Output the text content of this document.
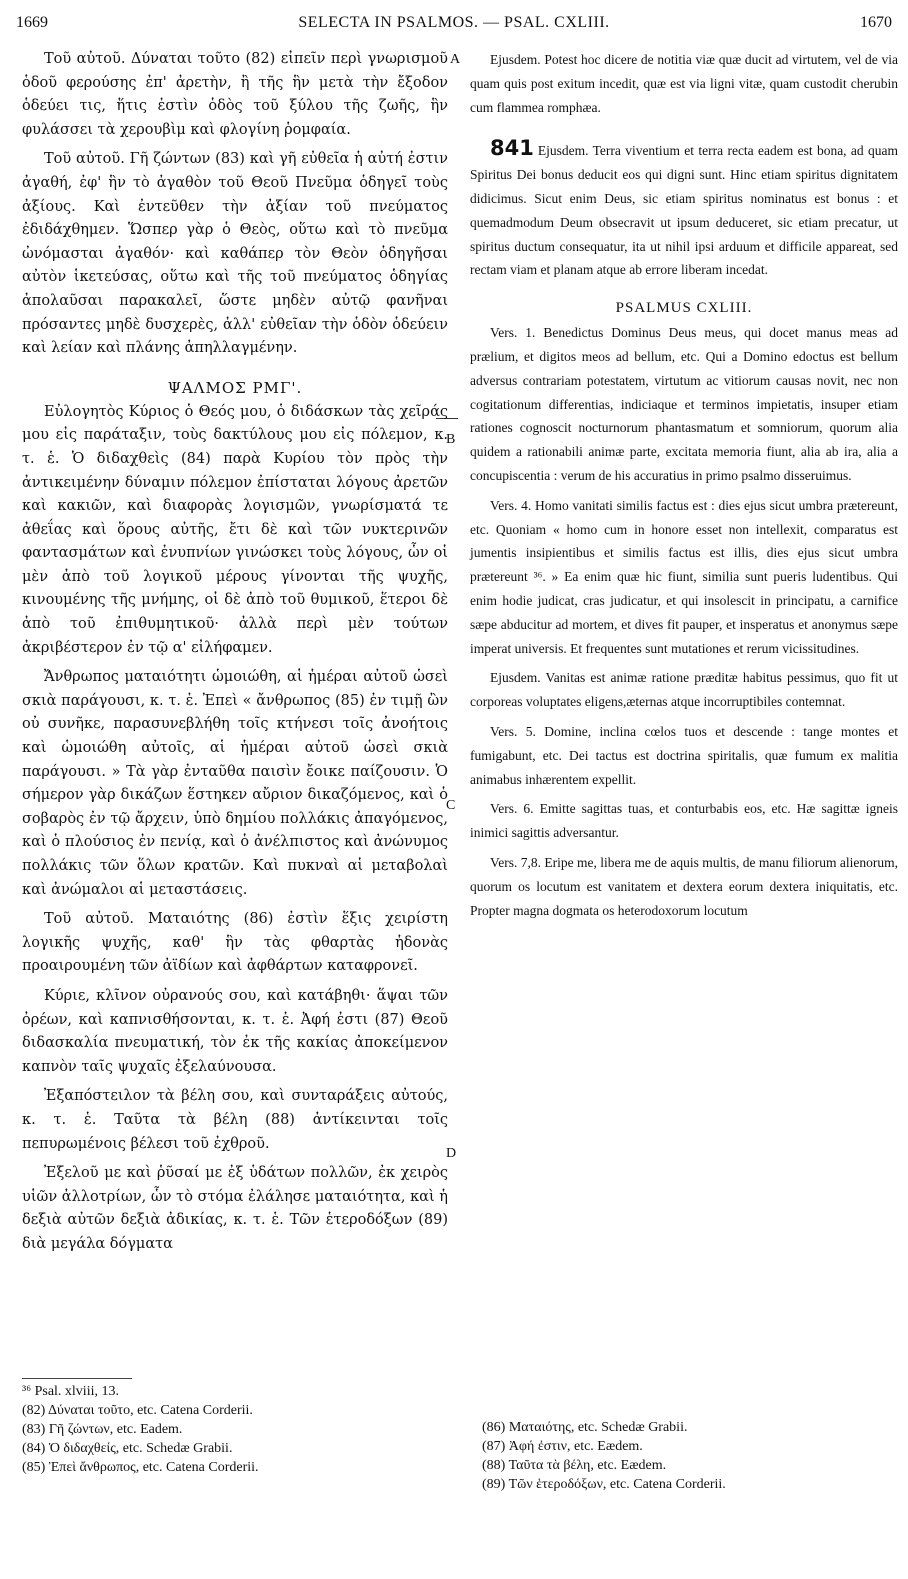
1669	SELECTA IN PSALMOS. — PSAL. CXLIII.	1670
A
B
C
D

Τοῦ αὐτοῦ. Δύναται τοῦτο (82) εἰπεῖν περὶ γνωρισμοῦ ὁδοῦ φερούσης ἐπ' ἀρετὴν, ἢ τῆς ἣν μετὰ τὴν ἔξοδον ὁδεύει τις, ἥτις ἐστὶν ὁδὸς τοῦ ξύλου τῆς ζωῆς, ἣν φυλάσσει τὰ χερουβὶμ καὶ φλογίνη ῥομφαία.

Τοῦ αὐτοῦ. Γῆ ζώντων (83) καὶ γῆ εὐθεῖα ἡ αὐτή ἐστιν ἀγαθή, ἐφ' ἣν τὸ ἀγαθὸν τοῦ Θεοῦ Πνεῦμα ὁδηγεῖ τοὺς ἀξίους. Καὶ ἐντεῦθεν τὴν ἀξίαν τοῦ πνεύματος ἐδιδάχθημεν. Ὥσπερ γὰρ ὁ Θεὸς, οὕτω καὶ τὸ πνεῦμα ὠνόμασται ἀγαθόν· καὶ καθάπερ τὸν Θεὸν ὁδηγῆσαι αὐτὸν ἱκετεύσας, οὕτω καὶ τῆς τοῦ πνεύματος ὁδηγίας ἀπολαῦσαι παρακαλεῖ, ὥστε μηδὲν αὐτῷ φανῆναι πρόσαντες μηδὲ δυσχερὲς, ἀλλ' εὐθεῖαν τὴν ὁδὸν ὁδεύειν καὶ λείαν καὶ πλάνης ἀπηλλαγμένην.

ΨΑΛΜΟΣ ΡΜΓ'.

Εὐλογητὸς Κύριος ὁ Θεός μου, ὁ διδάσκων τὰς χεῖράς μου εἰς παράταξιν, τοὺς δακτύλους μου εἰς πόλεμον, κ. τ. ἑ. Ὁ διδαχθεὶς (84) παρὰ Κυρίου τὸν πρὸς τὴν ἀντικειμένην δύναμιν πόλεμον ἐπίσταται λόγους ἀρετῶν καὶ κακιῶν, καὶ διαφορὰς λογισμῶν, γνωρίσματά τε ἀθεΐας καὶ ὅρους αὐτῆς, ἔτι δὲ καὶ τῶν νυκτερινῶν φαντασμάτων καὶ ἐνυπνίων γινώσκει τοὺς λόγους, ὧν οἱ μὲν ἀπὸ τοῦ λογικοῦ μέρους γίνονται τῆς ψυχῆς, κινουμένης τῆς μνήμης, οἱ δὲ ἀπὸ τοῦ θυμικοῦ, ἕτεροι δὲ ἀπὸ τοῦ ἐπιθυμητικοῦ· ἀλλὰ περὶ μὲν τούτων ἀκριβέστερον ἐν τῷ α' εἰλήφαμεν.

Ἄνθρωπος ματαιότητι ὡμοιώθη, αἱ ἡμέραι αὐτοῦ ὡσεὶ σκιὰ παράγουσι, κ. τ. ἑ. Ἐπεὶ « ἄνθρωπος (85) ἐν τιμῇ ὢν οὐ συνῆκε, παρασυνεβλήθη τοῖς κτήνεσι τοῖς ἀνοήτοις καὶ ὡμοιώθη αὐτοῖς, αἱ ἡμέραι αὐτοῦ ὡσεὶ σκιὰ παράγουσι. » Τὰ γὰρ ἐνταῦθα παισὶν ἔοικε παίζουσιν. Ὁ σήμερον γὰρ δικάζων ἕστηκεν αὔριον δικαζόμενος, καὶ ὁ σοβαρὸς ἐν τῷ ἄρχειν, ὑπὸ δημίου πολλάκις ἀπαγόμενος, καὶ ὁ πλούσιος ἐν πενίᾳ, καὶ ὁ ἀνέλπιστος καὶ ἀνώνυμος πολλάκις τῶν ὅλων κρατῶν. Καὶ πυκναὶ αἱ μεταβολαὶ καὶ ἀνώμαλοι αἱ μεταστάσεις.

Τοῦ αὐτοῦ. Ματαιότης (86) ἐστὶν ἕξις χειρίστη λογικῆς ψυχῆς, καθ' ἣν τὰς φθαρτὰς ἡδονὰς προαιρουμένη τῶν ἀϊδίων καὶ ἀφθάρτων καταφρονεῖ.

Κύριε, κλῖνον οὐρανούς σου, καὶ κατάβηθι· ἅψαι τῶν ὀρέων, καὶ καπνισθήσονται, κ. τ. ἑ. Ἀφή ἐστι (87) Θεοῦ διδασκαλία πνευματική, τὸν ἐκ τῆς κακίας ἀποκείμενον καπνὸν ταῖς ψυχαῖς ἐξελαύνουσα.

Ἐξαπόστειλον τὰ βέλη σου, καὶ συνταράξεις αὐτούς, κ. τ. ἑ. Ταῦτα τὰ βέλη (88) ἀντίκεινται τοῖς πεπυρωμένοις βέλεσι τοῦ ἐχθροῦ.

Ἐξελοῦ με καὶ ῥῦσαί με ἐξ ὑδάτων πολλῶν, ἐκ χειρὸς υἱῶν ἀλλοτρίων, ὧν τὸ στόμα ἐλάλησε ματαιότητα, καὶ ἡ δεξιὰ αὐτῶν δεξιὰ ἀδικίας, κ. τ. ἑ. Τῶν ἑτεροδόξων (89) διὰ μεγάλα δόγματα

Ejusdem. Potest hoc dicere de notitia viæ quæ ducit ad virtutem, vel de via quam quis post exitum incedit, quæ est via ligni vitæ, quam custodit cherubin cum flammea romphæa.

841 Ejusdem. Terra viventium et terra recta eadem est bona, ad quam Spiritus Dei bonus deducit eos qui digni sunt. Hinc etiam spiritus dignitatem didicimus. Sicut enim Deus, sic etiam spiritus nominatus est bonus : et quemadmodum Deum obsecravit ut ipsum deduceret, sic etiam precatur, ut spiritus ductum consequatur, ita ut nihil ipsi arduum et difficile appareat, sed rectam viam et planam atque ab errore liberam incedat.

PSALMUS CXLIII.

Vers. 1. Benedictus Dominus Deus meus, qui docet manus meas ad prælium, et digitos meos ad bellum, etc. Qui a Domino edoctus est bellum adversus contrariam potestatem, virtutum ac vitiorum causas novit, nec non cogitationum differentias, indiciaque et terminos impietatis, insuper etiam rationes cognoscit nocturnorum phantasmatum et somniorum, quorum alia quidem a rationabili animæ parte, excitata memoria fiunt, alia ab ira, alia a concupiscentia : verum de his accuratius in primo psalmo disseruimus.

Vers. 4. Homo vanitati similis factus est : dies ejus sicut umbra prætereunt, etc. Quoniam « homo cum in honore esset non intellexit, comparatus est jumentis insipientibus et similis factus est illis, dies ejus sicut umbra prætereunt ³⁶. » Ea enim quæ hic fiunt, similia sunt pueris ludentibus. Qui enim hodie judicat, cras judicatur, et qui insolescit in principatu, a carnifice sæpe abducitur ad mortem, et dives fit pauper, et insperatus et anonymus sæpe imperat universis. Et frequentes sunt mutationes et rerum vicissitudines.

Ejusdem. Vanitas est animæ ratione præditæ habitus pessimus, quo fit ut corporeas voluptates eligens,æternas atque incorruptibiles contemnat.

Vers. 5. Domine, inclina cœlos tuos et descende : tange montes et fumigabunt, etc. Dei tactus est doctrina spiritalis, quæ fumum ex malitia animabus inhærentem expellit.

Vers. 6. Emitte sagittas tuas, et conturbabis eos, etc. Hæ sagittæ igneis inimici sagittis adversantur.

Vers. 7,8. Eripe me, libera me de aquis multis, de manu filiorum alienorum, quorum os locutum est vanitatem et dextera eorum dextera iniquitatis, etc. Propter magna dogmata os heterodoxorum locutum

³⁶ Psal. xlviii, 13.

(82) Δύναται τοῦτο, etc. Catena Corderii.

(83) Γῆ ζώντων, etc. Eadem.

(84) Ὁ διδαχθείς, etc. Schedæ Grabii.

(85) Ἐπεὶ ἄνθρωπος, etc. Catena Corderii.

(86) Ματαιότης, etc. Schedæ Grabii.

(87) Ἀφή ἐστιν, etc. Eædem.

(88) Ταῦτα τὰ βέλη, etc. Eædem.

(89) Τῶν ἑτεροδόξων, etc. Catena Corderii.
